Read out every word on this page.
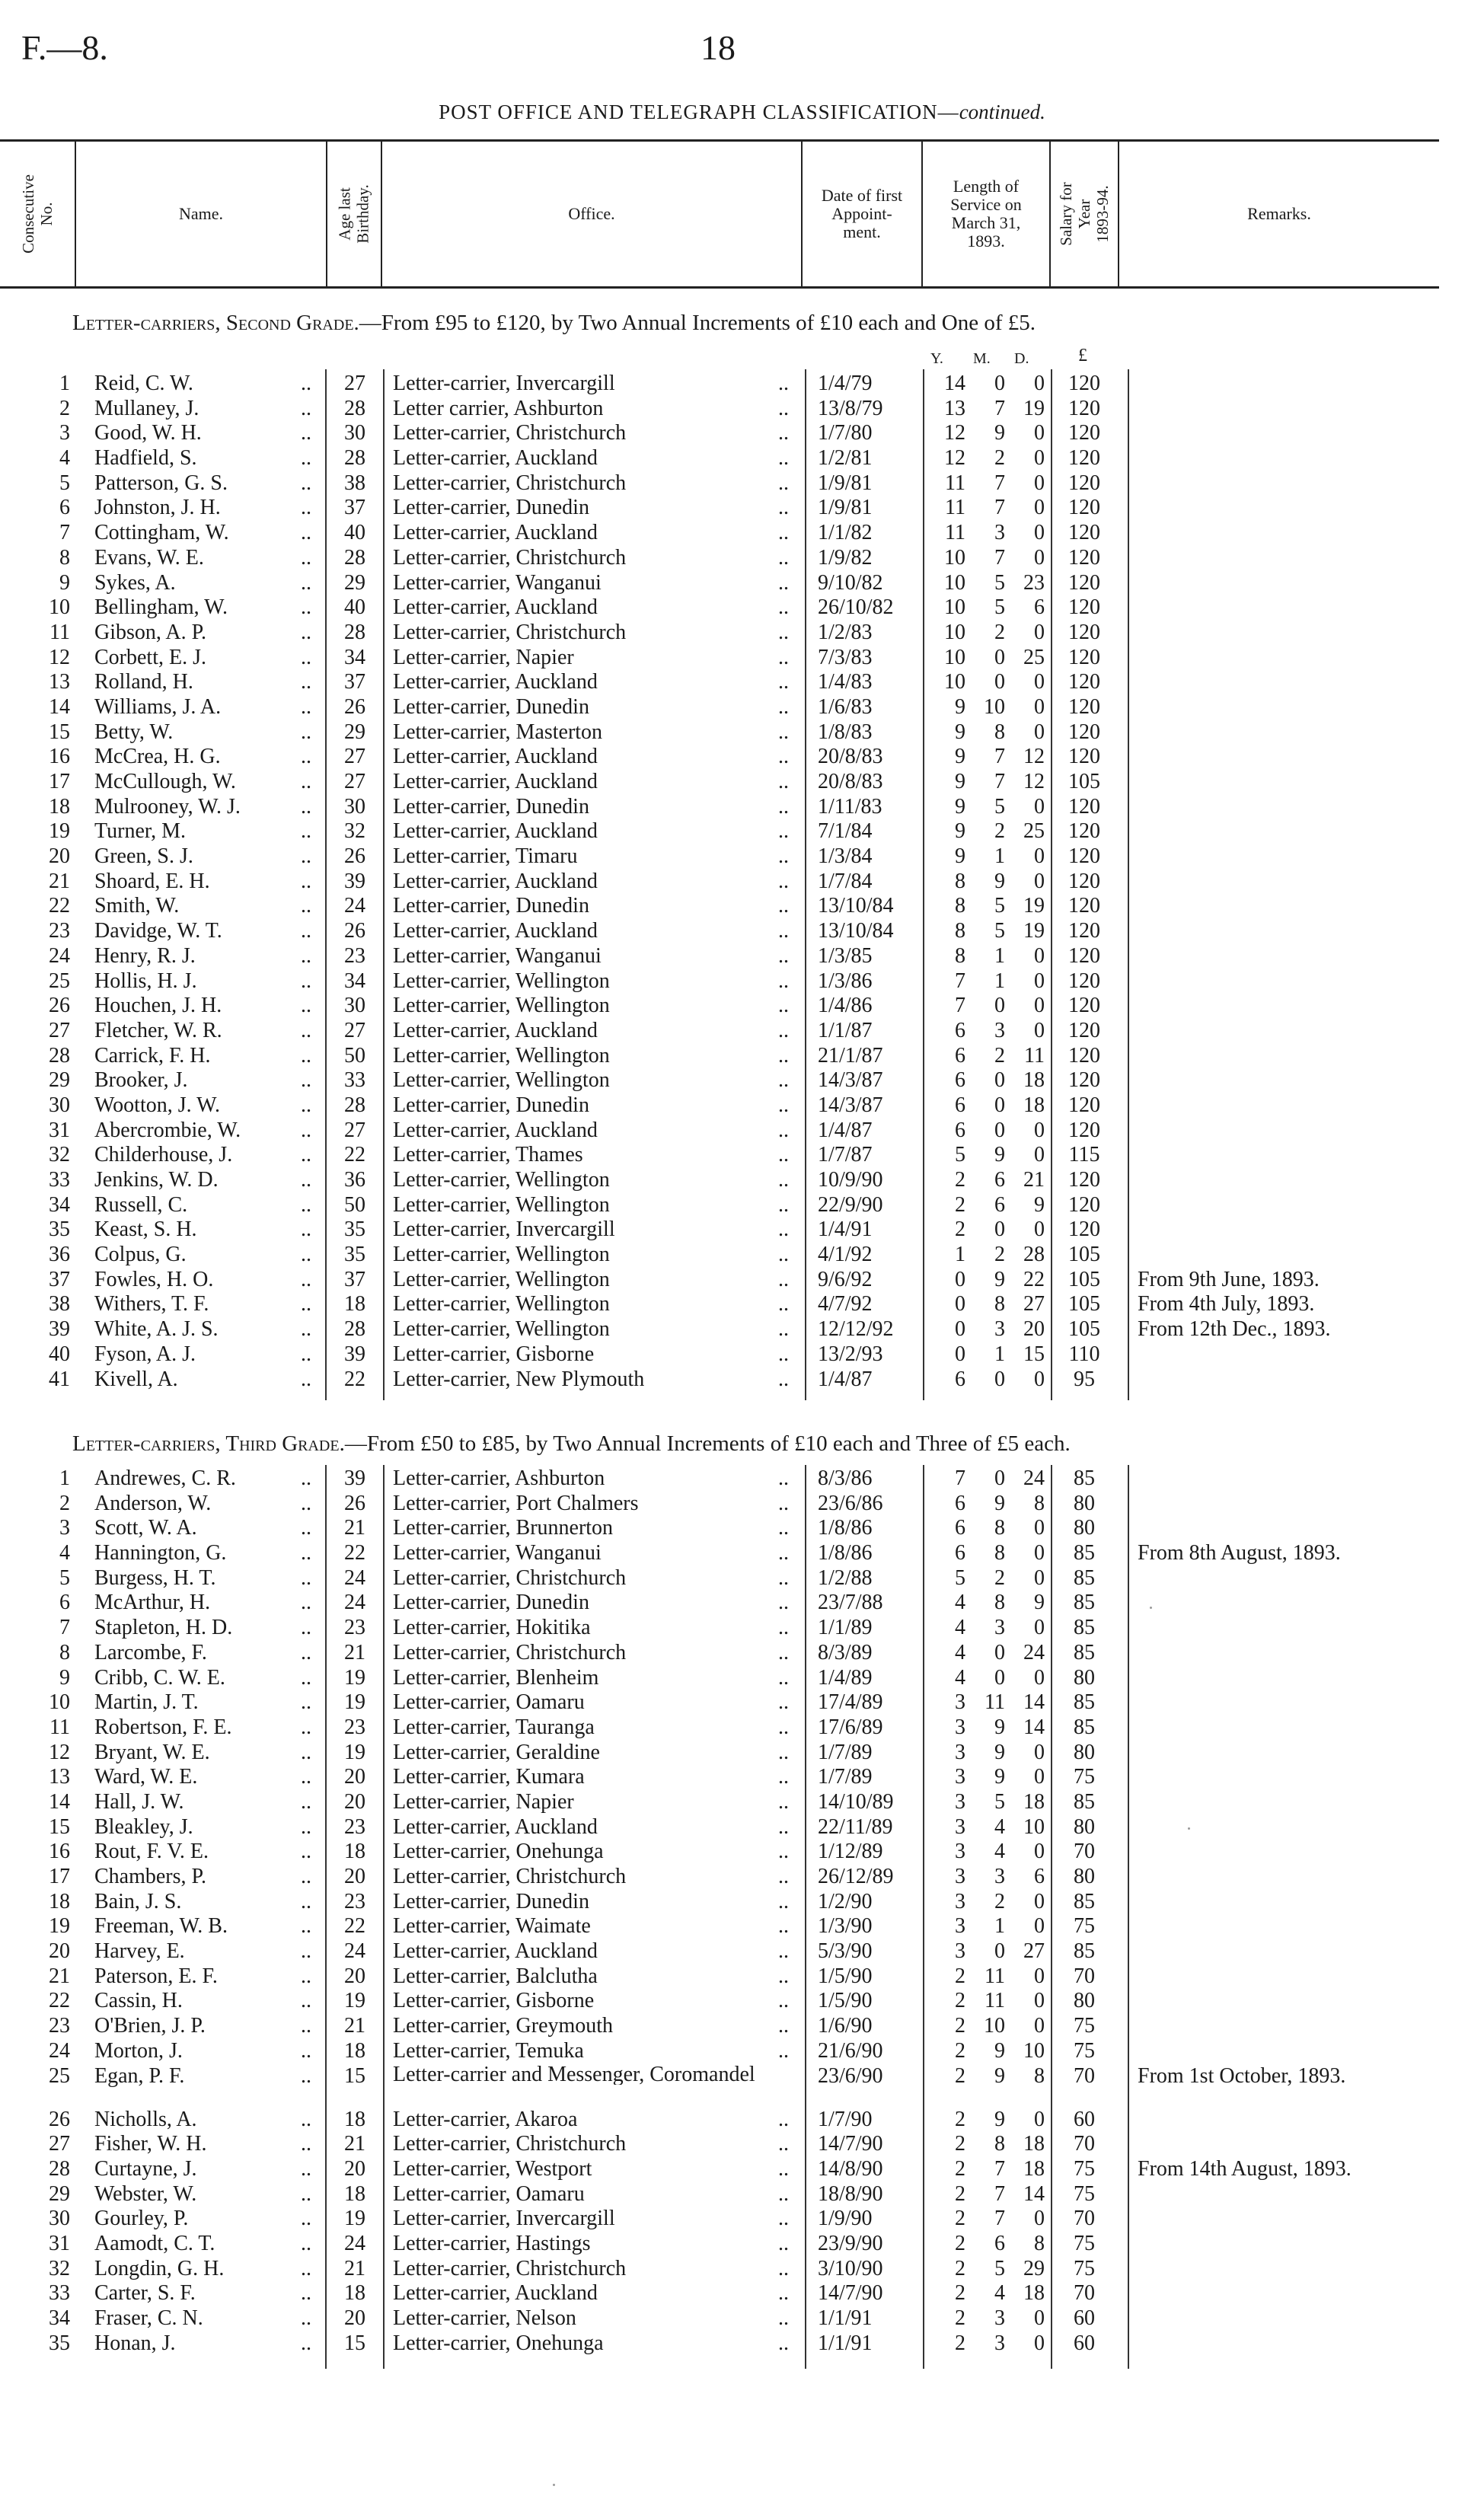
F.—8.	18
POST OFFICE AND TELEGRAPH CLASSIFICATION—continued.
Consecutive No.	Name.	Age last Birthday.	Office.
Date of first Appoint- ment.
Length of Service on March 31, 1893.	Salary for Year 1893-94.	Remarks.
Letter-carriers, Second Grade.—From £95 to £120, by Two Annual Increments of £10 each and One of £5.
Y. M. D.	£
1 Reid, C. W.	..	27	Letter-carrier, Invercargill	.. 1/4/79	14	0	0	120
2 Mullaney, J.	..	28	Letter carrier, Ashburton	.. 13/8/79	13	7 19	120
3 Good, W. H.	..	30	Letter-carrier, Christchurch	.. 1/7/80	12	9	0	120
4 Hadfield, S.	..	28	Letter-carrier, Auckland	.. 1/2/81	12	2	0	120
5 Patterson, G. S.	..	38	Letter-carrier, Christchurch	.. 1/9/81	11	7	0	120
6 Johnston, J. H.	..	37	Letter-carrier, Dunedin	.. 1/9/81	11	7	0	120
7 Cottingham, W.	..	40	Letter-carrier, Auckland	.. 1/1/82	11	3	0	120
8 Evans, W. E.	..	28	Letter-carrier, Christchurch	.. 1/9/82	10	7	0	120
9 Sykes, A.	..	29	Letter-carrier, Wanganui	.. 9/10/82	10	5 23	120
10 Bellingham, W.	..	40	Letter-carrier, Auckland	.. 26/10/82	10	5	6	120
11 Gibson, A. P.	..	28	Letter-carrier, Christchurch	.. 1/2/83	10	2	0	120
12 Corbett, E. J.	..	34	Letter-carrier, Napier	.. 7/3/83	10	0 25	120
13 Rolland, H.	..	37	Letter-carrier, Auckland	.. 1/4/83	10	0	0	120
14 Williams, J. A.	..	26	Letter-carrier, Dunedin	.. 1/6/83	9 10	0	120
15 Betty, W.	..	29	Letter-carrier, Masterton	.. 1/8/83	9	8	0	120
16 McCrea, H. G.	..	27	Letter-carrier, Auckland	.. 20/8/83	9	7 12	120
17 McCullough, W.	..	27	Letter-carrier, Auckland	.. 20/8/83	9	7 12	105
18 Mulrooney, W. J.	..	30	Letter-carrier, Dunedin	.. 1/11/83	9	5	0	120
19 Turner, M.	..	32	Letter-carrier, Auckland	.. 7/1/84	9	2 25	120
20 Green, S. J.	..	26	Letter-carrier, Timaru	.. 1/3/84	9	1	0	120
21 Shoard, E. H.	..	39	Letter-carrier, Auckland	.. 1/7/84	8	9	0	120
22 Smith, W.	..	24	Letter-carrier, Dunedin	.. 13/10/84	8	5 19	120
23 Davidge, W. T.	..	26	Letter-carrier, Auckland	.. 13/10/84	8	5 19	120
24 Henry, R. J.	..	23	Letter-carrier, Wanganui	.. 1/3/85	8	1	0	120
25 Hollis, H. J.	..	34	Letter-carrier, Wellington	.. 1/3/86	7	1	0	120
26 Houchen, J. H.	..	30	Letter-carrier, Wellington	.. 1/4/86	7	0	0	120
27 Fletcher, W. R.	..	27	Letter-carrier, Auckland	.. 1/1/87	6	3	0	120
28 Carrick, F. H.	..	50	Letter-carrier, Wellington	.. 21/1/87	6	2 11	120
29 Brooker, J.	..	33	Letter-carrier, Wellington	.. 14/3/87	6	0 18	120
30 Wootton, J. W.	..	28	Letter-carrier, Dunedin	.. 14/3/87	6	0 18	120
31 Abercrombie, W.	..	27	Letter-carrier, Auckland	.. 1/4/87	6	0	0	120
32 Childerhouse, J.	..	22	Letter-carrier, Thames	.. 1/7/87	5	9	0	115
33 Jenkins, W. D.	..	36	Letter-carrier, Wellington	.. 10/9/90	2	6 21	120
34 Russell, C.	..	50	Letter-carrier, Wellington	.. 22/9/90	2	6	9	120
35 Keast, S. H.	..	35	Letter-carrier, Invercargill	.. 1/4/91	2	0	0	120
36 Colpus, G.	..	35	Letter-carrier, Wellington	.. 4/1/92	1	2 28	105
37 Fowles, H. O.	..	37	Letter-carrier, Wellington	.. 9/6/92	0	9 22	105	From 9th June, 1893.
38 Withers, T. F.	..	18	Letter-carrier, Wellington	.. 4/7/92	0	8 27	105	From 4th July, 1893.
39 White, A. J. S.	..	28	Letter-carrier, Wellington	.. 12/12/92	0	3 20	105	From 12th Dec., 1893.
40 Fyson, A. J.	..	39	Letter-carrier, Gisborne	.. 13/2/93	0	1 15	110
41 Kivell, A.	..	22	Letter-carrier, New Plymouth	.. 1/4/87	6	0	0	95
Letter-carriers, Third Grade.—From £50 to £85, by Two Annual Increments of £10 each and Three of £5 each.
1 Andrewes, C. R.	..	39	Letter-carrier, Ashburton	.. 8/3/86	7	0 24	85
2 Anderson, W.	..	26	Letter-carrier, Port Chalmers	.. 23/6/86	6	9	8	80
3 Scott, W. A.	..	21	Letter-carrier, Brunnerton	.. 1/8/86	6	8	0	80
4 Hannington, G.	..	22	Letter-carrier, Wanganui	.. 1/8/86	6	8	0	85	From 8th August, 1893.
5 Burgess, H. T.	..	24	Letter-carrier, Christchurch	.. 1/2/88	5	2	0	85
6 McArthur, H.	..	24	Letter-carrier, Dunedin	.. 23/7/88	4	8	9	85
7 Stapleton, H. D.	..	23	Letter-carrier, Hokitika	.. 1/1/89	4	3	0	85
8 Larcombe, F.	..	21	Letter-carrier, Christchurch	.. 8/3/89	4	0 24	85
9 Cribb, C. W. E.	..	19	Letter-carrier, Blenheim	.. 1/4/89	4	0	0	80
10 Martin, J. T.	..	19	Letter-carrier, Oamaru	.. 17/4/89	3 11 14	85
11 Robertson, F. E.	..	23	Letter-carrier, Tauranga	.. 17/6/89	3	9 14	85
12 Bryant, W. E.	..	19	Letter-carrier, Geraldine	.. 1/7/89	3	9	0	80
13 Ward, W. E.	..	20	Letter-carrier, Kumara	.. 1/7/89	3	9	0	75
14 Hall, J. W.	..	20	Letter-carrier, Napier	.. 14/10/89	3	5 18	85
15 Bleakley, J.	..	23	Letter-carrier, Auckland	.. 22/11/89	3	4 10	80
16 Rout, F. V. E.	..	18	Letter-carrier, Onehunga	.. 1/12/89	3	4	0	70
17 Chambers, P.	..	20	Letter-carrier, Christchurch	.. 26/12/89	3	3	6	80
18 Bain, J. S.	..	23	Letter-carrier, Dunedin	.. 1/2/90	3	2	0	85
19 Freeman, W. B.	..	22	Letter-carrier, Waimate	.. 1/3/90	3	1	0	75
20 Harvey, E.	..	24	Letter-carrier, Auckland	.. 5/3/90	3	0 27	85
21 Paterson, E. F.	..	20	Letter-carrier, Balclutha	.. 1/5/90	2 11	0	70
22 Cassin, H.	..	19	Letter-carrier, Gisborne	.. 1/5/90	2 11	0	80
23 O'Brien, J. P.	..	21	Letter-carrier, Greymouth	.. 1/6/90	2 10	0	75
24 Morton, J.	..	18	Letter-carrier, Temuka	.. 21/6/90	2	9 10	75
25 Egan, P. F.	..	15	Letter-carrier and Messenger, Coromandel	23/6/90	2	9	8	70	From 1st October, 1893.
26 Nicholls, A.	..	18	Letter-carrier, Akaroa	.. 1/7/90	2	9	0	60
27 Fisher, W. H.	..	21	Letter-carrier, Christchurch	.. 14/7/90	2	8 18	70
28 Curtayne, J.	..	20	Letter-carrier, Westport	.. 14/8/90	2	7 18	75	From 14th August, 1893.
29 Webster, W.	..	18	Letter-carrier, Oamaru	.. 18/8/90	2	7 14	75
30 Gourley, P.	..	19	Letter-carrier, Invercargill	.. 1/9/90	2	7	0	70
31 Aamodt, C. T.	..	24	Letter-carrier, Hastings	.. 23/9/90	2	6	8	75
32 Longdin, G. H.	..	21	Letter-carrier, Christchurch	.. 3/10/90	2	5 29	75
33 Carter, S. F.	..	18	Letter-carrier, Auckland	.. 14/7/90	2	4 18	70
34 Fraser, C. N.	..	20	Letter-carrier, Nelson	.. 1/1/91	2	3	0	60
35 Honan, J.	..	15	Letter-carrier, Onehunga	.. 1/1/91	2	3	0	60
